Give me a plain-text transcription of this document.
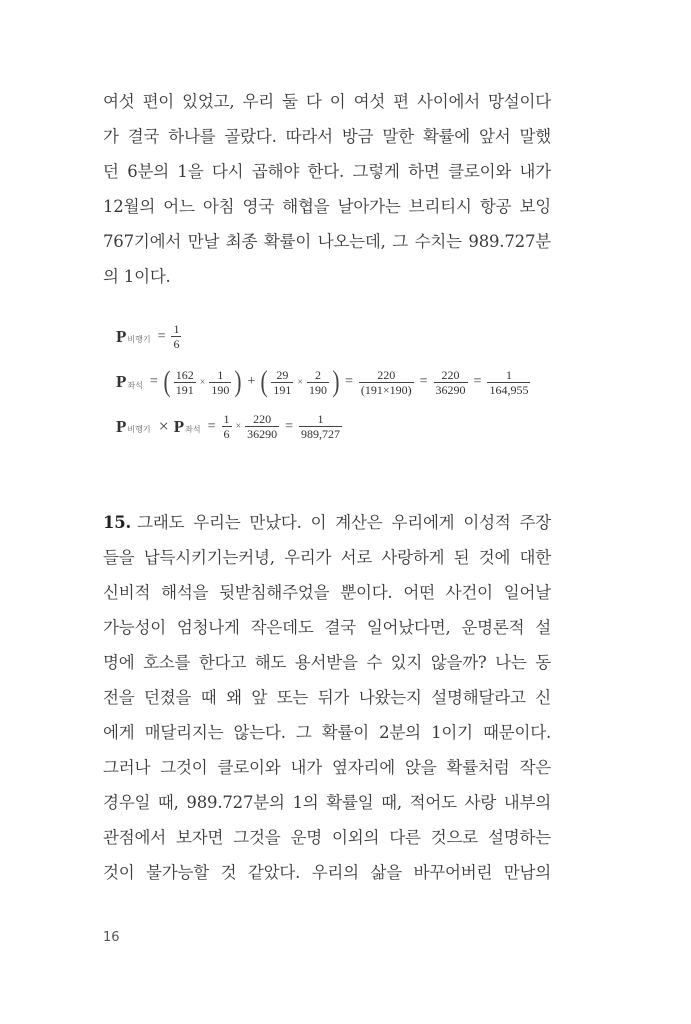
여섯 편이 있었고, 우리 둘 다 이 여섯 편 사이에서 망설이다
가 결국 하나를 골랐다. 따라서 방금 말한 확률에 앞서 말했
던 6분의 1을 다시 곱해야 한다. 그렇게 하면 클로이와 내가
12월의 어느 아침 영국 해협을 날아가는 브리티시 항공 보잉
767기에서 만날 최종 확률이 나오는데, 그 수치는 989.727분
의 1이다.
P 비행기 = $\frac{1}{6}$
P 좌석 = ( $\frac{162}{191} \times \frac{1}{190}$ ) + ( $\frac{29}{191} \times \frac{2}{190}$ ) = $\frac{220}{(191\times 190)} = \frac{220}{36290} = \frac{1}{164,955}$
P 비행기 × P 좌석 = $\frac{1}{6} \times \frac{220}{36290} = \frac{1}{989,727}$
15. 그래도 우리는 만났다. 이 계산은 우리에게 이성적 주장
들을 납득시키기는커녕, 우리가 서로 사랑하게 된 것에 대한
신비적 해석을 뒷받침해주었을 뿐이다. 어떤 사건이 일어날
가능성이 엄청나게 작은데도 결국 일어났다면, 운명론적 설
명에 호소를 한다고 해도 용서받을 수 있지 않을까? 나는 동
전을 던졌을 때 왜 앞 또는 뒤가 나왔는지 설명해달라고 신
에게 매달리지는 않는다. 그 확률이 2분의 1이기 때문이다.
그러나 그것이 클로이와 내가 옆자리에 앉을 확률처럼 작은
경우일 때, 989.727분의 1의 확률일 때, 적어도 사랑 내부의
관점에서 보자면 그것을 운명 이외의 다른 것으로 설명하는
것이 불가능할 것 같았다. 우리의 삶을 바꾸어버린 만남의
16
